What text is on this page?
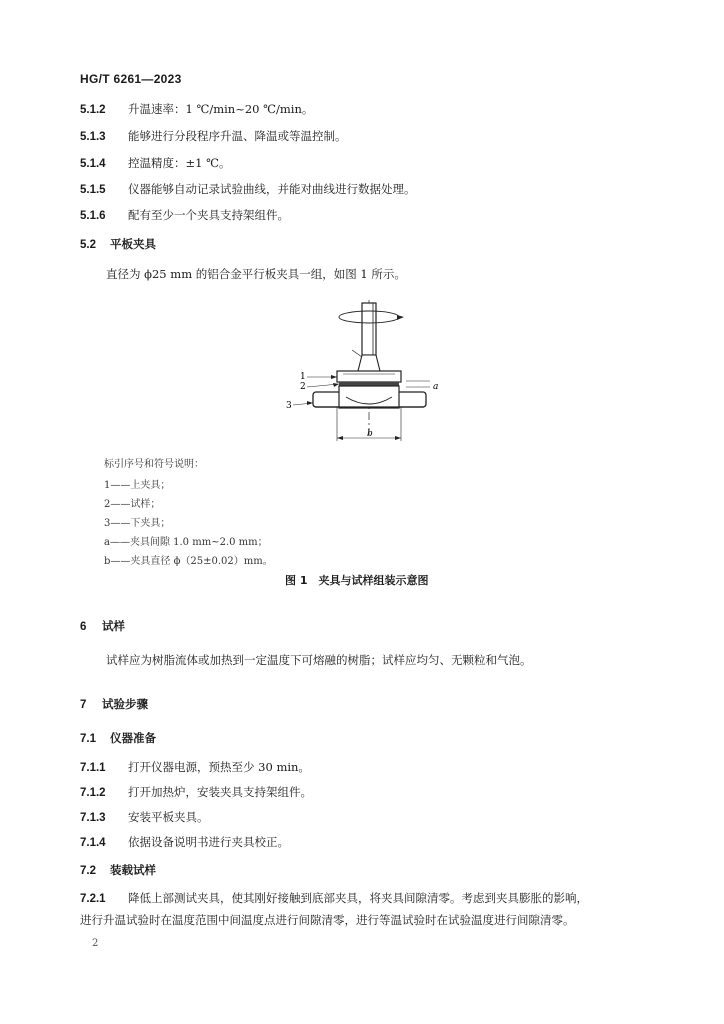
HG/T 6261—2023
5.1.2 升温速率：1 ℃/min~20 ℃/min。
5.1.3 能够进行分段程序升温、降温或等温控制。
5.1.4 控温精度：±1 ℃。
5.1.5 仪器能够自动记录试验曲线，并能对曲线进行数据处理。
5.1.6 配有至少一个夹具支持架组件。
5.2 平板夹具
直径为 ϕ25 mm 的铝合金平行板夹具一组，如图 1 所示。
a
b
1
2
3
标引序号和符号说明：
1——上夹具；
2——试样；
3——下夹具；
a——夹具间隙 1.0 mm~2.0 mm；
b——夹具直径 ϕ（25±0.02）mm。
图 1　夹具与试样组装示意图
6 试样
试样应为树脂流体或加热到一定温度下可熔融的树脂；试样应均匀、无颗粒和气泡。
7 试验步骤
7.1 仪器准备
7.1.1 打开仪器电源，预热至少 30 min。
7.1.2 打开加热炉，安装夹具支持架组件。
7.1.3 安装平板夹具。
7.1.4 依据设备说明书进行夹具校正。
7.2 装载试样
7.2.1 降低上部测试夹具，使其刚好接触到底部夹具，将夹具间隙清零。考虑到夹具膨胀的影响，
进行升温试验时在温度范围中间温度点进行间隙清零，进行等温试验时在试验温度进行间隙清零。
2
